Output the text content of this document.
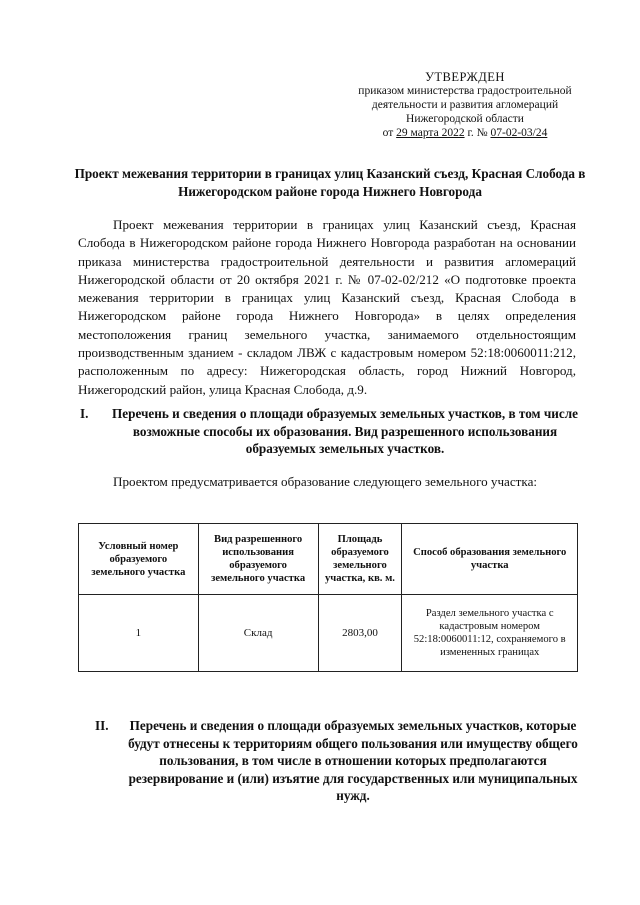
УТВЕРЖДЕН
приказом министерства градостроительной
деятельности и развития агломераций
Нижегородской области
от 29 марта 2022 г. № 07-02-03/24
Проект межевания территории в границах улиц Казанский съезд, Красная Слобода в Нижегородском районе города Нижнего Новгорода

Проект межевания территории в границах улиц Казанский съезд, Красная Слобода в Нижегородском районе города Нижнего Новгорода разработан на основании приказа министерства градостроительной деятельности и развития агломераций Нижегородской области от 20 октября 2021 г. № 07-02-02/212 «О подготовке проекта межевания территории в границах улиц Казанский съезд, Красная Слобода в Нижегородском районе города Нижнего Новгорода» в целях определения местоположения границ земельного участка, занимаемого отдельностоящим производственным зданием - складом ЛВЖ с кадастровым номером 52:18:0060011:212, расположенным по адресу: Нижегородская область, город Нижний Новгород, Нижегородский район, улица Красная Слобода, д.9.

I.	Перечень и сведения о площади образуемых земельных участков, в том числе возможные способы их образования. Вид разрешенного использования образуемых земельных участков.

Проектом предусматривается образование следующего земельного участка:

Условный номер образуемого земельного участка	Вид разрешенного использования образуемого земельного участка	Площадь образуемого земельного участка, кв. м.	Способ образования земельного участка
1	Склад	2803,00	Раздел земельного участка с кадастровым номером 52:18:0060011:12, сохраняемого в измененных границах
II.	Перечень и сведения о площади образуемых земельных участков, которые будут отнесены к территориям общего пользования или имуществу общего пользования, в том числе в отношении которых предполагаются резервирование и (или) изъятие для государственных или муниципальных нужд.
